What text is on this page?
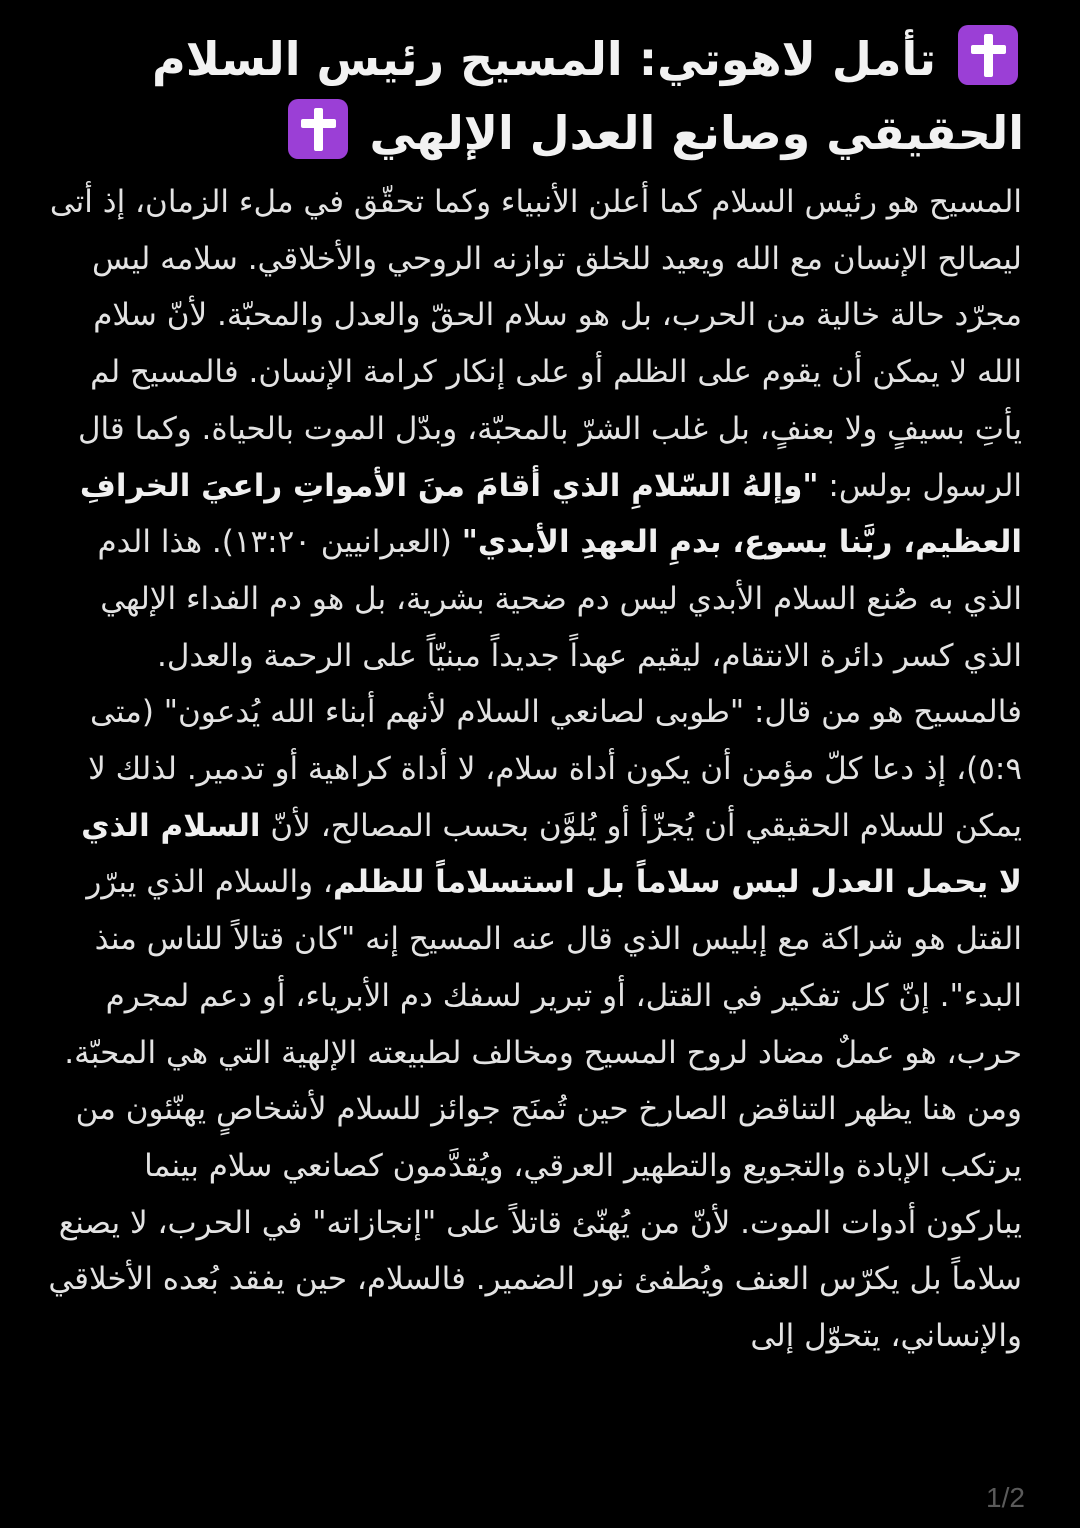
تأمل لاهوتي: المسيح رئيس السلام الحقيقي وصانع العدل الإلهي

المسيح هو رئيس السلام كما أعلن الأنبياء وكما تحقّق في ملء الزمان، إذ أتى ليصالح الإنسان مع الله ويعيد للخلق توازنه الروحي والأخلاقي. سلامه ليس مجرّد حالة خالية من الحرب، بل هو سلام الحقّ والعدل والمحبّة. لأنّ سلام الله لا يمكن أن يقوم على الظلم أو على إنكار كرامة الإنسان. فالمسيح لم يأتِ بسيفٍ ولا بعنفٍ، بل غلب الشرّ بالمحبّة، وبدّل الموت بالحياة. وكما قال الرسول بولس: "وإلهُ السّلامِ الذي أقامَ منَ الأمواتِ راعيَ الخرافِ العظيم، ربَّنا يسوع، بدمِ العهدِ الأبدي" (العبرانيين ١٣:٢٠). هذا الدم الذي به صُنع السلام الأبدي ليس دم ضحية بشرية، بل هو دم الفداء الإلهي الذي كسر دائرة الانتقام، ليقيم عهداً جديداً مبنيّاً على الرحمة والعدل. فالمسيح هو من قال: "طوبى لصانعي السلام لأنهم أبناء الله يُدعون" (متى ٥:٩)، إذ دعا كلّ مؤمن أن يكون أداة سلام، لا أداة كراهية أو تدمير. لذلك لا يمكن للسلام الحقيقي أن يُجزّأ أو يُلوَّن بحسب المصالح، لأنّ السلام الذي لا يحمل العدل ليس سلاماً بل استسلاماً للظلم، والسلام الذي يبرّر القتل هو شراكة مع إبليس الذي قال عنه المسيح إنه "كان قتالاً للناس منذ البدء". إنّ كل تفكير في القتل، أو تبرير لسفك دم الأبرياء، أو دعم لمجرم حرب، هو عملٌ مضاد لروح المسيح ومخالف لطبيعته الإلهية التي هي المحبّة. ومن هنا يظهر التناقض الصارخ حين تُمنَح جوائز للسلام لأشخاصٍ يهنّئون من يرتكب الإبادة والتجويع والتطهير العرقي، ويُقدَّمون كصانعي سلام بينما يباركون أدوات الموت. لأنّ من يُهنّئ قاتلاً على "إنجازاته" في الحرب، لا يصنع سلاماً بل يكرّس العنف ويُطفئ نور الضمير. فالسلام، حين يفقد بُعده الأخلاقي والإنساني، يتحوّل إلى

1/2
